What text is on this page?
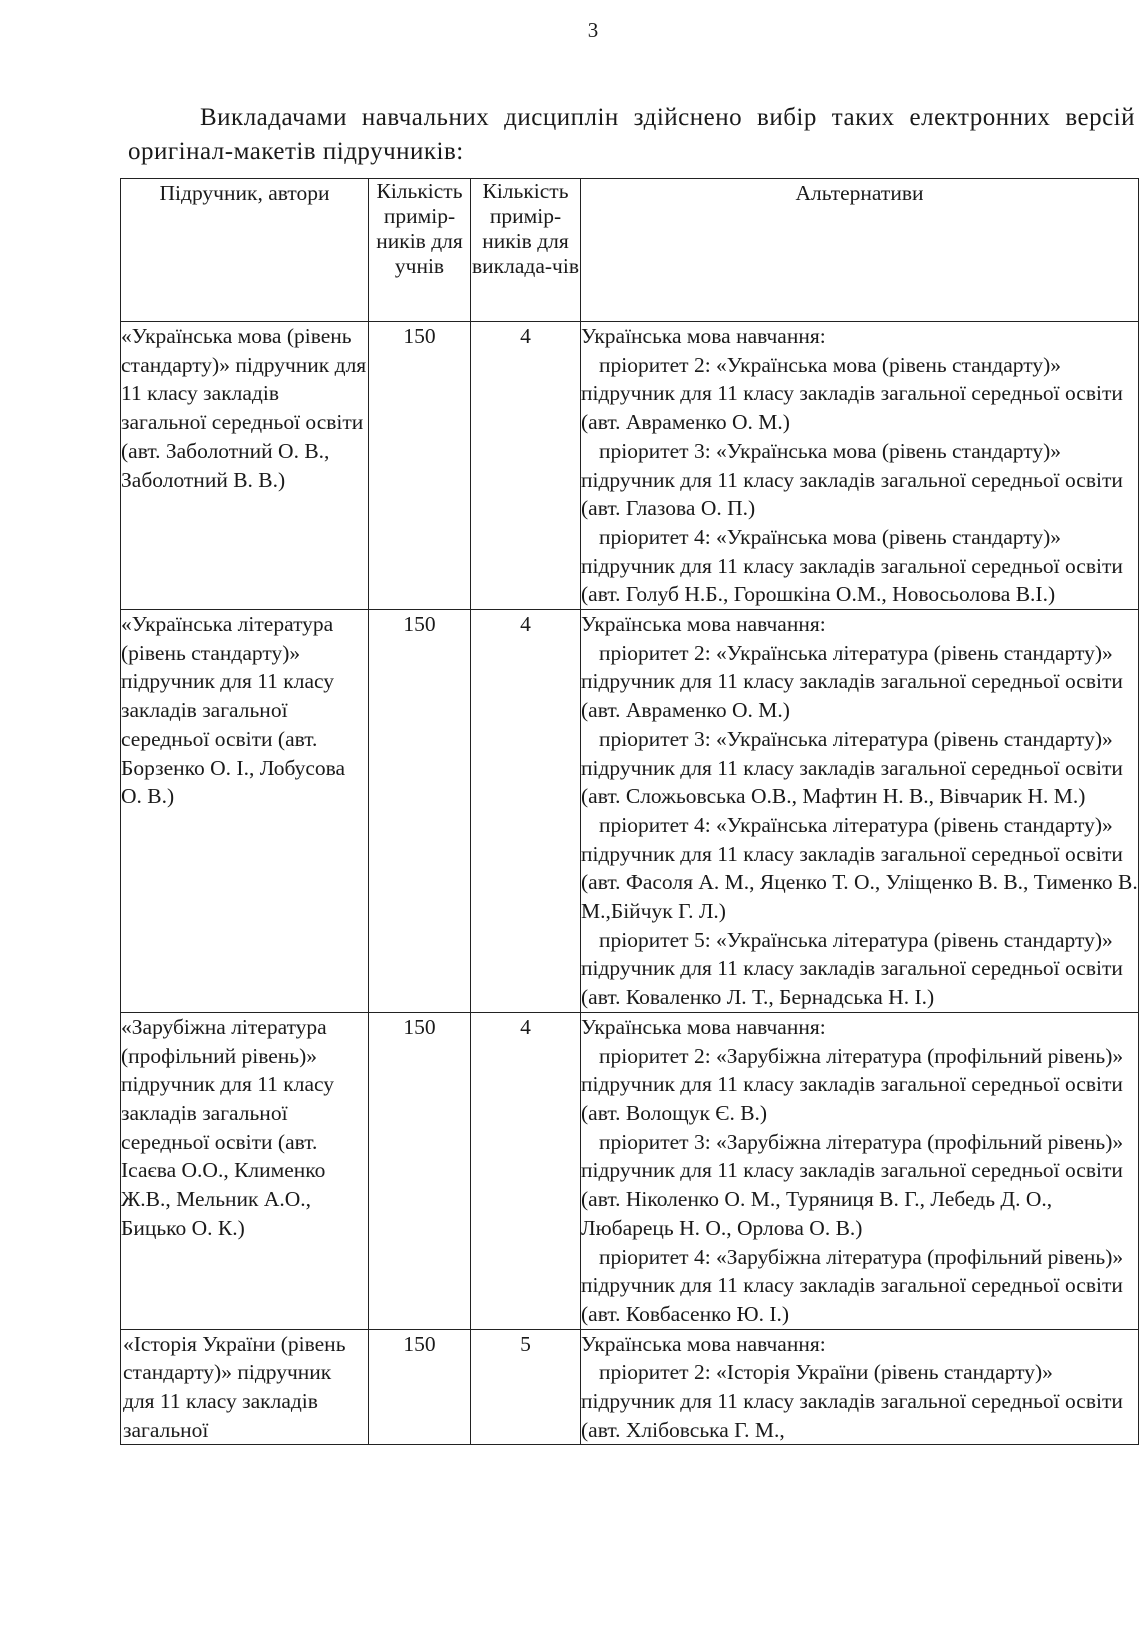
3

Викладачами навчальних дисциплін здійснено вибір таких електронних версій оригінал-макетів підручників:

Підручник, автори	Кількість примір-ників для учнів	Кількість примір-ників для виклада-чів	Альтернативи
«Українська мова (рівень стандарту)» підручник для 11 класу закладів загальної середньої освіти (авт. Заболотний О. В., Заболотний В. В.)	150	4	Українська мова навчання:
пріоритет 2: «Українська мова (рівень стандарту)» підручник для 11 класу закладів загальної середньої освіти (авт. Авраменко О. М.)
пріоритет 3: «Українська мова (рівень стандарту)» підручник для 11 класу закладів загальної середньої освіти (авт. Глазова О. П.)
пріоритет 4: «Українська мова (рівень стандарту)» підручник для 11 класу закладів загальної середньої освіти (авт. Голуб Н.Б., Горошкіна О.М., Новосьолова В.І.)

«Українська література (рівень стандарту)» підручник для 11 класу закладів загальної середньої освіти (авт. Борзенко О. І., Лобусова О. В.)	150	4	Українська мова навчання:
пріоритет 2: «Українська література (рівень стандарту)» підручник для 11 класу закладів загальної середньої освіти (авт. Авраменко О. М.)
пріоритет 3: «Українська література (рівень стандарту)» підручник для 11 класу закладів загальної середньої освіти (авт. Сложьовська О.В., Мафтин Н. В., Вівчарик Н. М.)
пріоритет 4: «Українська література (рівень стандарту)» підручник для 11 класу закладів загальної середньої освіти (авт. Фасоля А. М., Яценко Т. О., Уліщенко В. В., Тименко В. М.,Бійчук Г. Л.)
пріоритет 5: «Українська література (рівень стандарту)» підручник для 11 класу закладів загальної середньої освіти (авт. Коваленко Л. Т., Бернадська Н. І.)

«Зарубіжна література (профільний рівень)» підручник для 11 класу закладів загальної середньої освіти (авт. Ісаєва О.О., Клименко Ж.В., Мельник А.О., Бицько О. К.)	150	4	Українська мова навчання:
пріоритет 2: «Зарубіжна література (профільний рівень)» підручник для 11 класу закладів загальної середньої освіти (авт. Волощук Є. В.)
пріоритет 3: «Зарубіжна література (профільний рівень)» підручник для 11 класу закладів загальної середньої освіти (авт. Ніколенко О. М., Туряниця В. Г., Лебедь Д. О., Любарець Н. О., Орлова О. В.)
пріоритет 4: «Зарубіжна література (профільний рівень)» підручник для 11 класу закладів загальної середньої освіти (авт. Ковбасенко Ю. І.)

«Історія України (рівень стандарту)» підручник для 11 класу закладів загальної	150	5	Українська мова навчання:
пріоритет 2: «Історія України (рівень стандарту)» підручник для 11 класу закладів загальної середньої освіти (авт. Хлібовська Г. М.,
